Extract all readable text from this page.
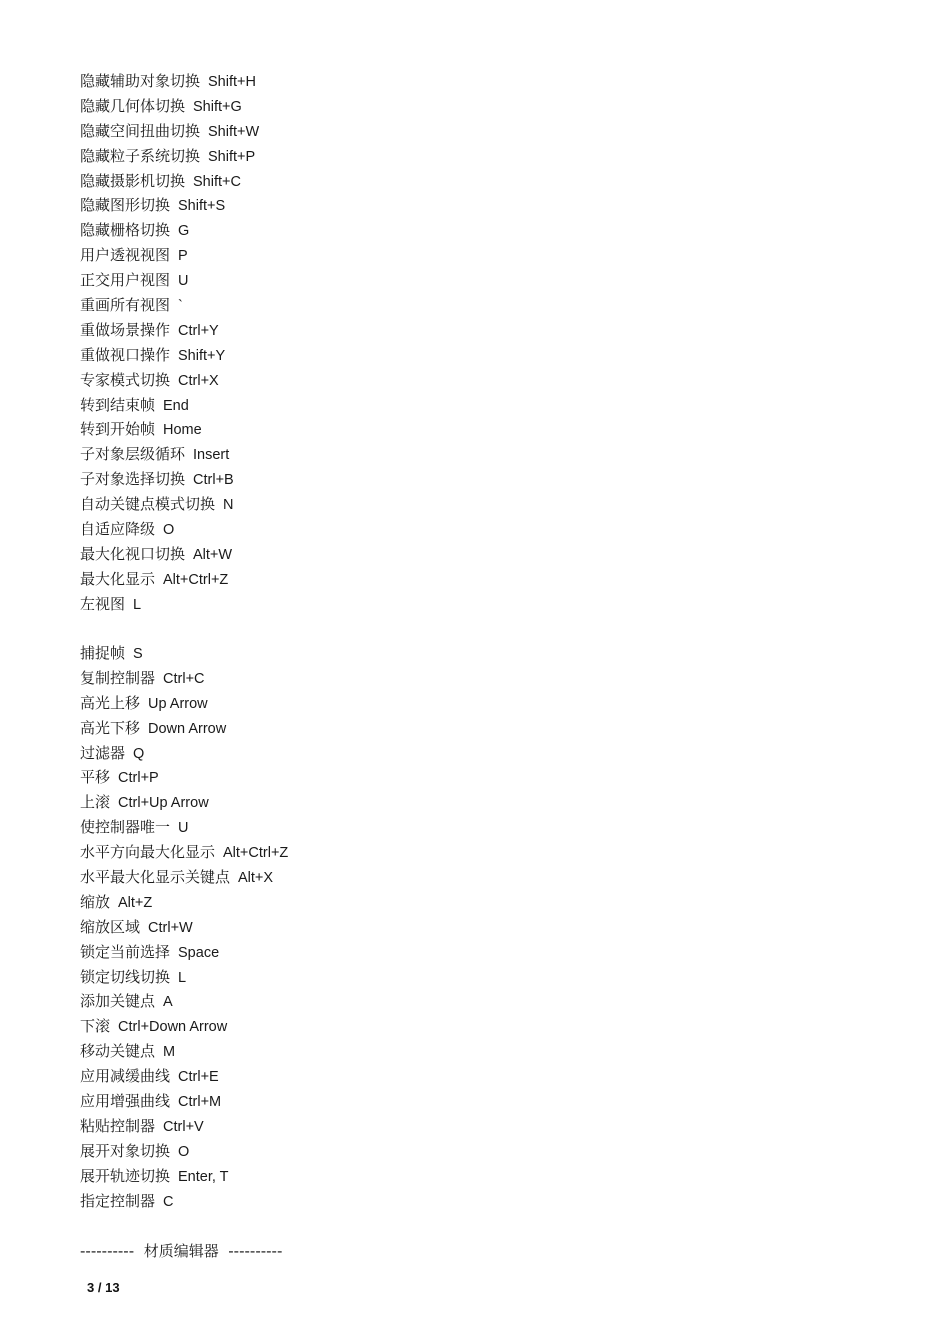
隐藏辅助对象切换 Shift+H
隐藏几何体切换 Shift+G
隐藏空间扭曲切换 Shift+W
隐藏粒子系统切换 Shift+P
隐藏摄影机切换 Shift+C
隐藏图形切换 Shift+S
隐藏栅格切换 G
用户透视视图 P
正交用户视图 U
重画所有视图 `
重做场景操作 Ctrl+Y
重做视口操作 Shift+Y
专家模式切换 Ctrl+X
转到结束帧 End
转到开始帧 Home
子对象层级循环 Insert
子对象选择切换 Ctrl+B
自动关键点模式切换 N
自适应降级 O
最大化视口切换 Alt+W
最大化显示 Alt+Ctrl+Z
左视图 L
捕捉帧 S
复制控制器 Ctrl+C
高光上移 Up Arrow
高光下移 Down Arrow
过滤器 Q
平移 Ctrl+P
上滚 Ctrl+Up Arrow
使控制器唯一 U
水平方向最大化显示 Alt+Ctrl+Z
水平最大化显示关键点 Alt+X
缩放 Alt+Z
缩放区域 Ctrl+W
锁定当前选择 Space
锁定切线切换 L
添加关键点 A
下滚 Ctrl+Down Arrow
移动关键点 M
应用减缓曲线 Ctrl+E
应用增强曲线 Ctrl+M
粘贴控制器 Ctrl+V
展开对象切换 O
展开轨迹切换 Enter, T
指定控制器 C
---------- 材质编辑器 ----------
3 / 13
